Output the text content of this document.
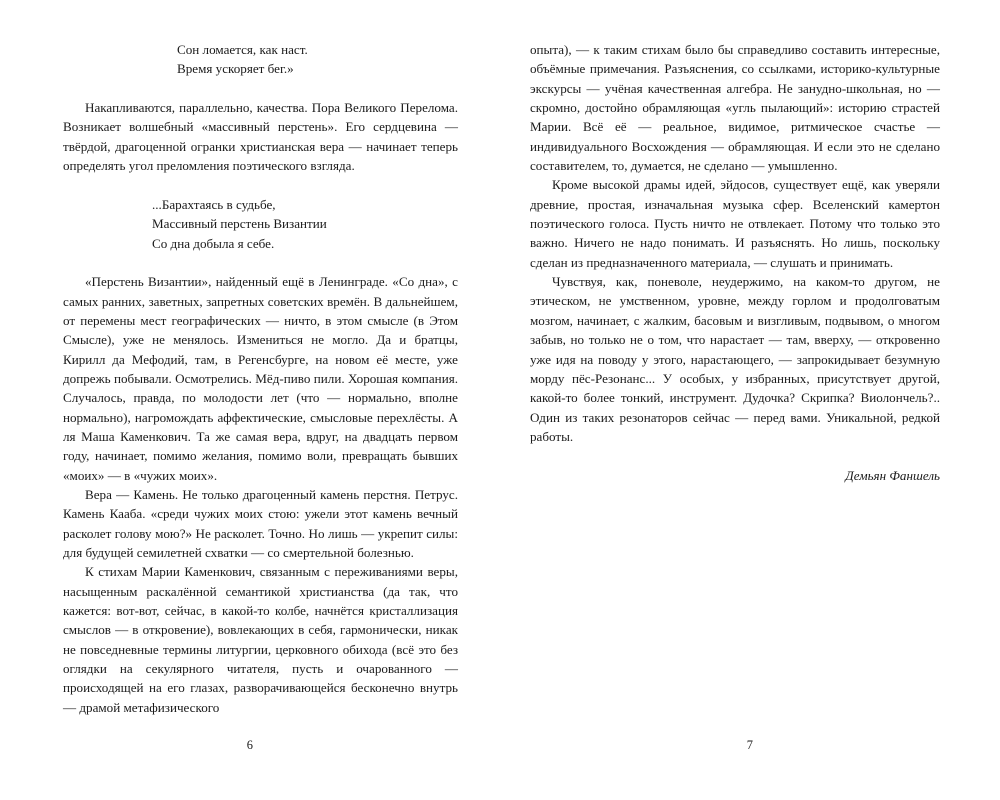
Сон ломается, как наст.
Время ускоряет бег.»

Накапливаются, параллельно, качества. Пора Великого Перелома. Возникает волшебный «массивный перстень». Его сердцевина — твёрдой, драгоценной огранки христианская вера — начинает теперь определять угол преломления поэтического взгляда.

...Барахтаясь в судьбе,
Массивный перстень Византии
Со дна добыла я себе.

«Перстень Византии», найденный ещё в Ленинграде. «Со дна», с самых ранних, заветных, запретных советских времён. В дальнейшем, от перемены мест географических — ничто, в этом смысле (в Этом Смысле), уже не менялось. Измениться не могло. Да и братцы, Кирилл да Мефодий, там, в Регенсбурге, на новом её месте, уже допрежь побывали. Осмотрелись. Мёд-пиво пили. Хорошая компания. Случалось, правда, по молодости лет (что — нормально, вполне нормально), нагромождать аффектические, смысловые перехлёсты. А ля Маша Каменкович. Та же самая вера, вдруг, на двадцать первом году, начинает, помимо желания, помимо воли, превращать бывших «моих» — в «чужих моих».

Вера — Камень. Не только драгоценный камень перстня. Петрус. Камень Кааба. «среди чужих моих стою: ужели этот камень вечный расколет голову мою?» Не расколет. Точно. Но лишь — укрепит силы: для будущей семилетней схватки — со смертельной болезнью.

К стихам Марии Каменкович, связанным с переживаниями веры, насыщенным раскалённой семантикой христианства (да так, что кажется: вот-вот, сейчас, в какой-то колбе, начнётся кристаллизация смыслов — в откровение), вовлекающих в себя, гармонически, никак не повседневные термины литургии, церковного обихода (всё это без оглядки на секулярного читателя, пусть и очарованного — происходящей на его глазах, разворачивающейся бесконечно внутрь — драмой метафизического

6

опыта), — к таким стихам было бы справедливо составить интересные, объёмные примечания. Разъяснения, со ссылками, историко-культурные экскурсы — учёная качественная алгебра. Не занудно-школьная, но — скромно, достойно обрамляющая «угль пылающий»: историю страстей Марии. Всё её — реальное, видимое, ритмическое счастье — индивидуального Восхождения — обрамляющая. И если это не сделано составителем, то, думается, не сделано — умышленно.

Кроме высокой драмы идей, эйдосов, существует ещё, как уверяли древние, простая, изначальная музыка сфер. Вселенский камертон поэтического голоса. Пусть ничто не отвлекает. Потому что только это важно. Ничего не надо понимать. И разъяснять. Но лишь, поскольку сделан из предназначенного материала, — слушать и принимать.

Чувствуя, как, поневоле, неудержимо, на каком-то другом, не этическом, не умственном, уровне, между горлом и продолговатым мозгом, начинает, с жалким, басовым и визгливым, подвывом, о многом забыв, но только не о том, что нарастает — там, вверху, — откровенно уже идя на поводу у этого, нарастающего, — запрокидывает безумную морду пёс-Резонанс... У особых, у избранных, присутствует другой, какой-то более тонкий, инструмент. Дудочка? Скрипка? Виолончель?.. Один из таких резонаторов сейчас — перед вами. Уникальной, редкой работы.

Демьян Фаншель
7
